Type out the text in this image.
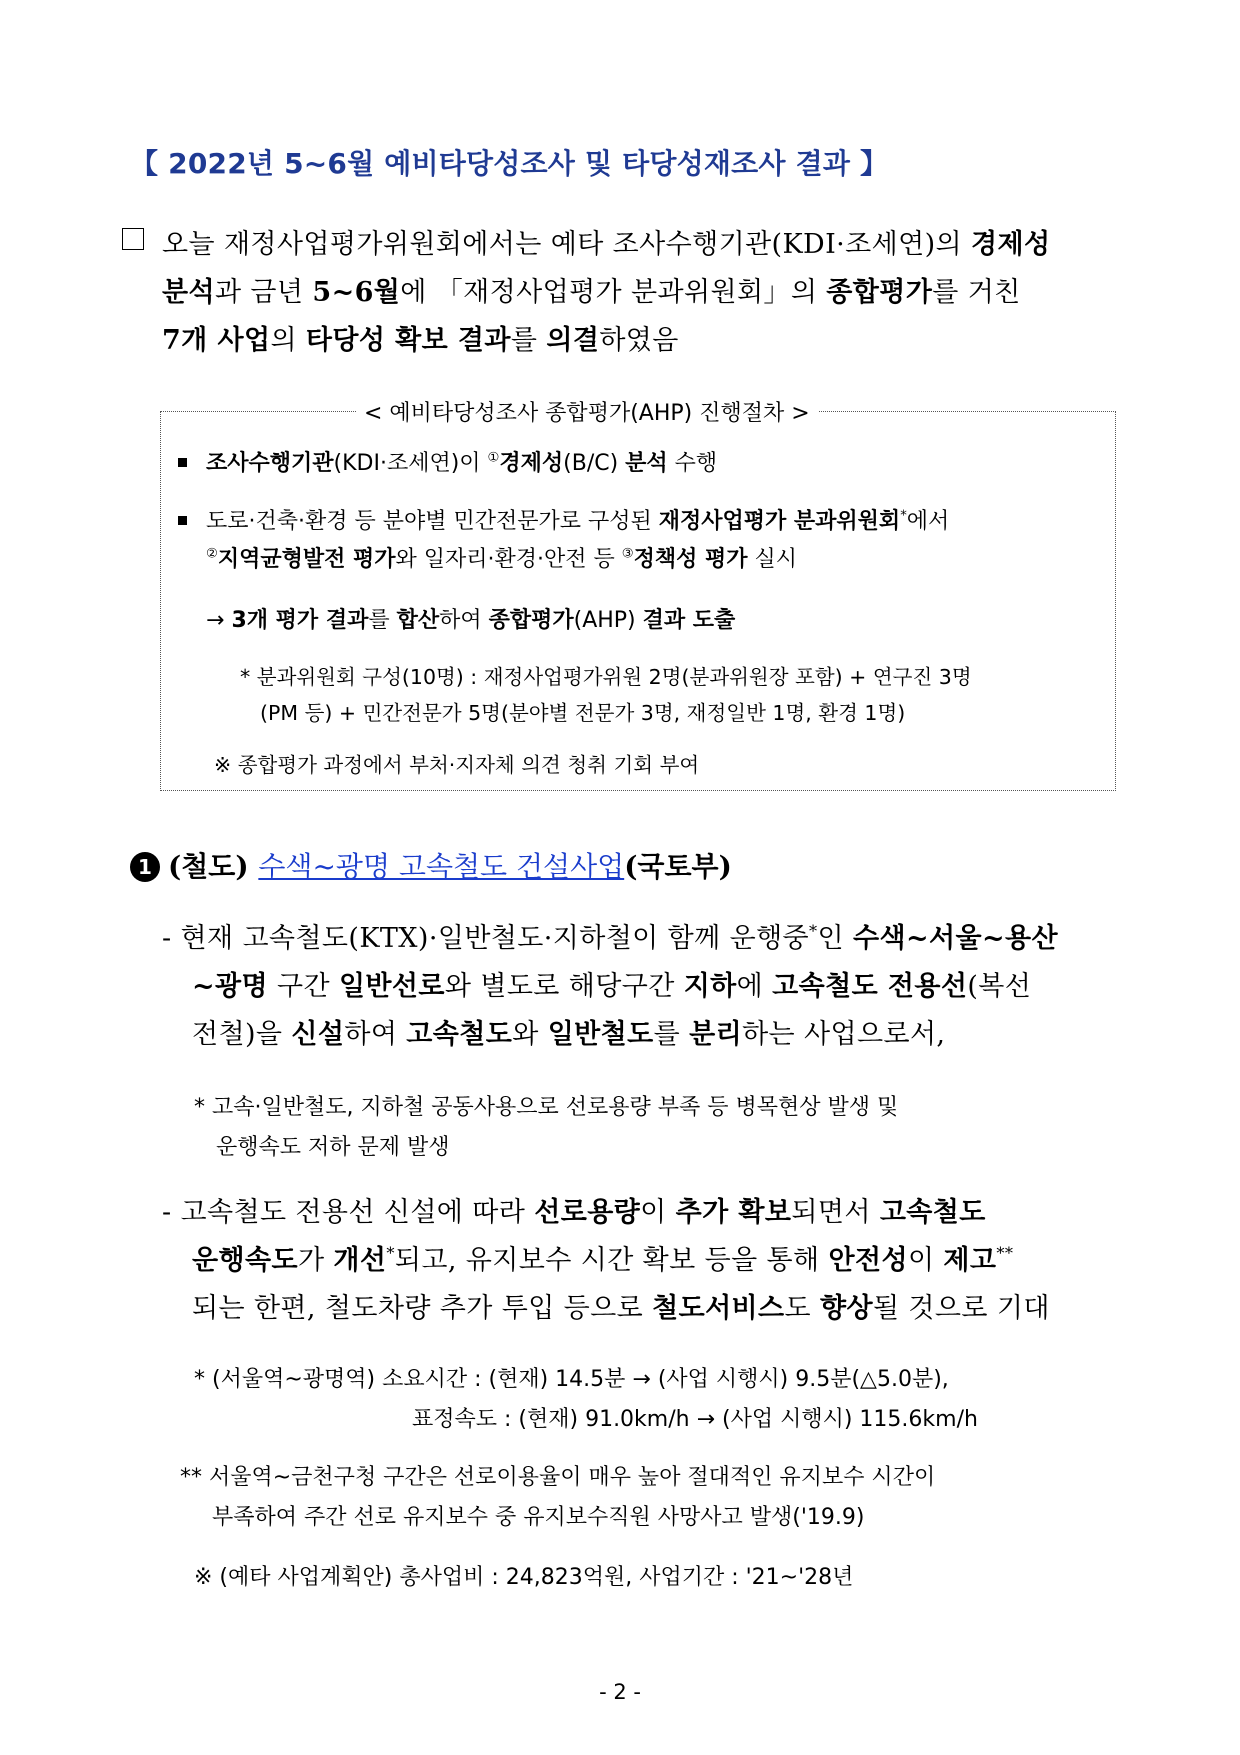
【 2022년 5~6월 예비타당성조사 및 타당성재조사 결과 】
오늘 재정사업평가위원회에서는 예타 조사수행기관(KDI·조세연)의 경제성
분석과 금년 5~6월에 「재정사업평가 분과위원회」의 종합평가를 거친
7개 사업의 타당성 확보 결과를 의결하였음
< 예비타당성조사 종합평가(AHP) 진행절차 >
조사수행기관(KDI·조세연)이 ①경제성(B/C) 분석 수행
도로·건축·환경 등 분야별 민간전문가로 구성된 재정사업평가 분과위원회*에서
②지역균형발전 평가와 일자리·환경·안전 등 ③정책성 평가 실시
→ 3개 평가 결과를 합산하여 종합평가(AHP) 결과 도출
* 분과위원회 구성(10명) : 재정사업평가위원 2명(분과위원장 포함) + 연구진 3명
(PM 등) + 민간전문가 5명(분야별 전문가 3명, 재정일반 1명, 환경 1명)
※ 종합평가 과정에서 부처·지자체 의견 청취 기회 부여
1 (철도) 수색~광명 고속철도 건설사업(국토부)
- 현재 고속철도(KTX)·일반철도·지하철이 함께 운행중*인 수색~서울~용산
~광명 구간 일반선로와 별도로 해당구간 지하에 고속철도 전용선(복선
전철)을 신설하여 고속철도와 일반철도를 분리하는 사업으로서,
* 고속·일반철도, 지하철 공동사용으로 선로용량 부족 등 병목현상 발생 및
운행속도 저하 문제 발생
- 고속철도 전용선 신설에 따라 선로용량이 추가 확보되면서 고속철도
운행속도가 개선*되고, 유지보수 시간 확보 등을 통해 안전성이 제고**
되는 한편, 철도차량 추가 투입 등으로 철도서비스도 향상될 것으로 기대
* (서울역~광명역) 소요시간 : (현재) 14.5분 → (사업 시행시) 9.5분(△5.0분),
표정속도 : (현재) 91.0km/h → (사업 시행시) 115.6km/h
** 서울역~금천구청 구간은 선로이용율이 매우 높아 절대적인 유지보수 시간이
부족하여 주간 선로 유지보수 중 유지보수직원 사망사고 발생('19.9)
※ (예타 사업계획안) 총사업비 : 24,823억원, 사업기간 : '21~'28년
- 2 -
